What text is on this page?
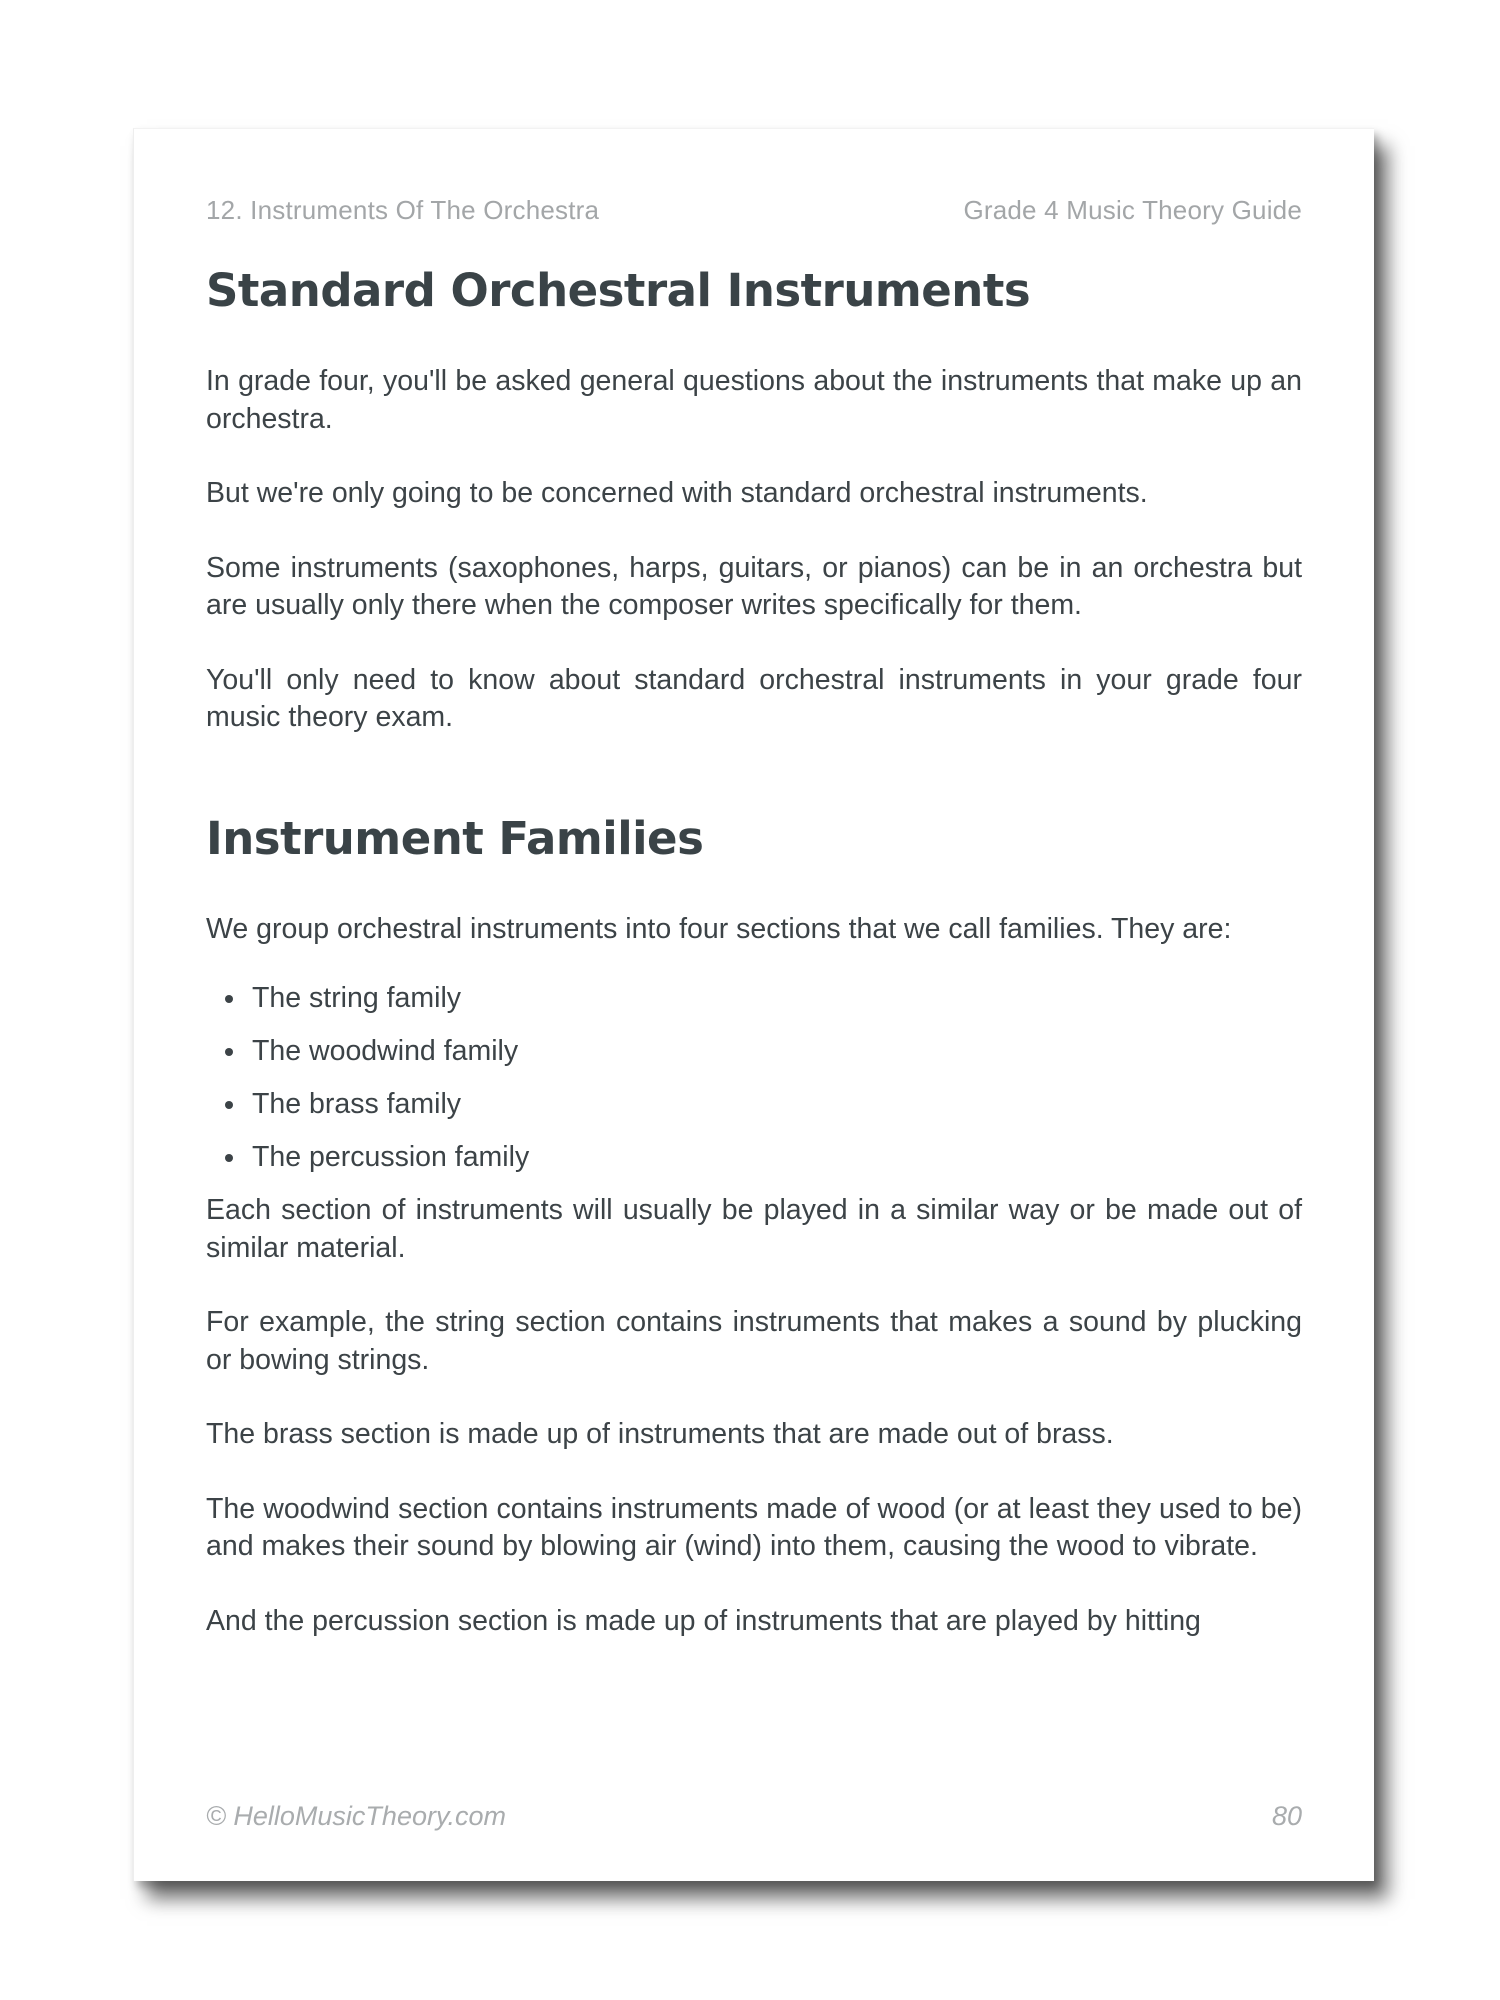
12. Instruments Of The Orchestra	Grade 4 Music Theory Guide
Standard Orchestral Instruments

In grade four, you'll be asked general questions about the instruments that make up an orchestra.

But we're only going to be concerned with standard orchestral instruments.

Some instruments (saxophones, harps, guitars, or pianos) can be in an orchestra but are usually only there when the composer writes specifically for them.

You'll only need to know about standard orchestral instruments in your grade four music theory exam.

Instrument Families

We group orchestral instruments into four sections that we call families. They are:

The string family
The woodwind family
The brass family
The percussion family

Each section of instruments will usually be played in a similar way or be made out of similar material.

For example, the string section contains instruments that makes a sound by plucking or bowing strings.

The brass section is made up of instruments that are made out of brass.

The woodwind section contains instruments made of wood (or at least they used to be) and makes their sound by blowing air (wind) into them, causing the wood to vibrate.

And the percussion section is made up of instruments that are played by hitting

© HelloMusicTheory.com	80
